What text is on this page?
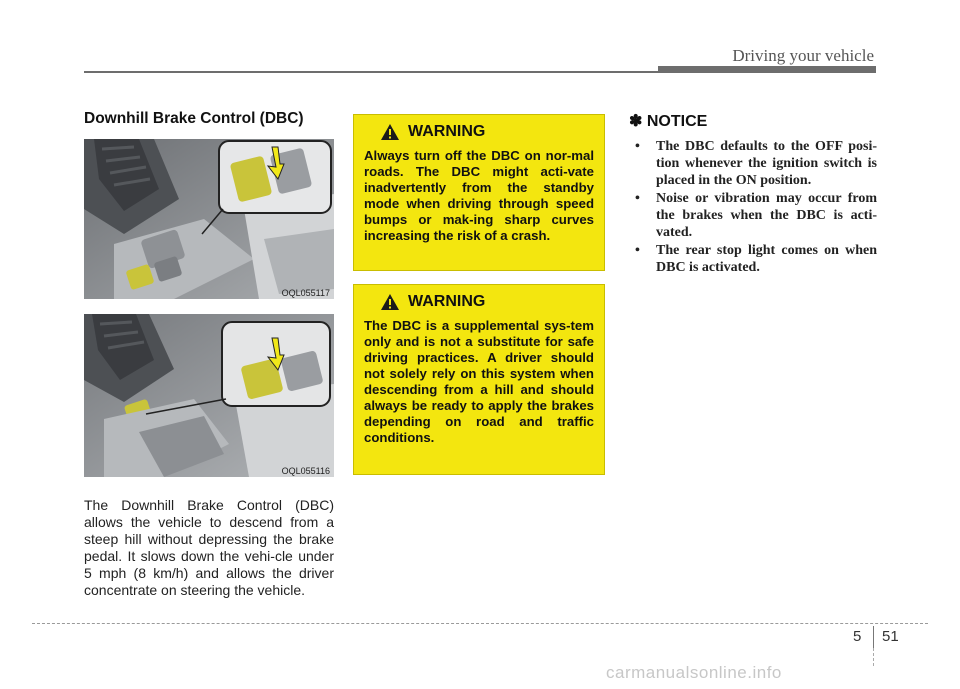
Driving your vehicle
Downhill Brake Control (DBC)
OQL055117
OQL055116
The Downhill Brake Control (DBC) allows the vehicle to descend from a steep hill without depressing the brake pedal. It slows down the vehi-cle under 5 mph (8 km/h) and allows the driver concentrate on steering the vehicle.
WARNING
Always turn off the DBC on nor-mal roads. The DBC might acti-vate inadvertently from the standby mode when driving through speed bumps or mak-ing sharp curves increasing the risk of a crash.
WARNING
The DBC is a supplemental sys-tem only and is not a substitute for safe driving practices. A driver should not solely rely on this system when descending from a hill and should always be ready to apply the brakes depending on road and traffic conditions.
✽ NOTICE
• The DBC defaults to the OFF posi-tion whenever the ignition switch is placed in the ON position.
• Noise or vibration may occur from the brakes when the DBC is acti-vated.
• The rear stop light comes on when DBC is activated.
5 51
carmanualsonline.info
